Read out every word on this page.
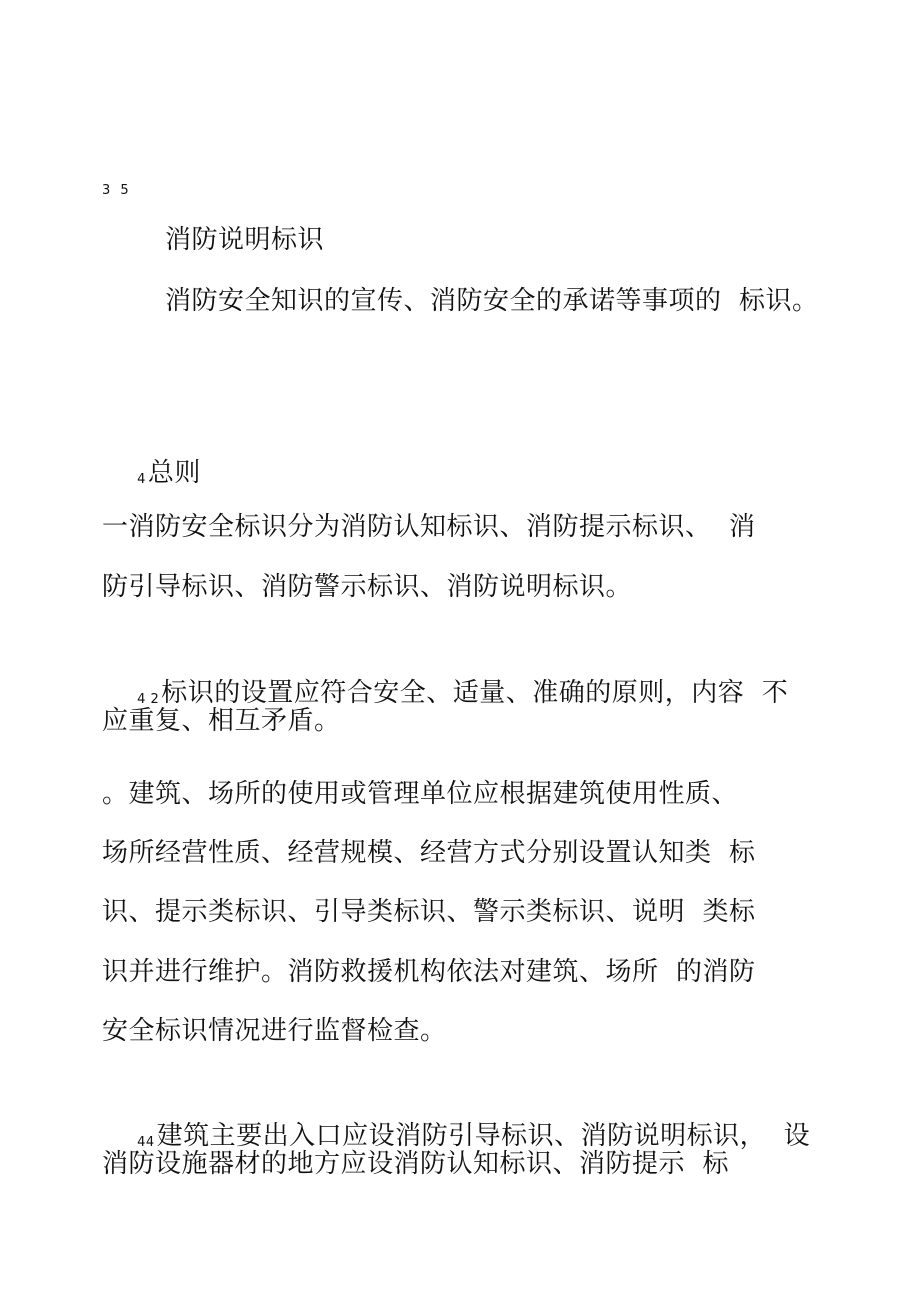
3 5
消防说明标识
消防安全知识的宣传、消防安全的承诺等事项的  标识。

4总则

一消防安全标识分为消防认知标识、消防提示标识、  消
防引导标识、消防警示标识、消防说明标识。

4 2标识的设置应符合安全、适量、准确的原则，内容  不

应重复、相互矛盾。
。建筑、场所的使用或管理单位应根据建筑使用性质、
场所经营性质、经营规模、经营方式分别设置认知类  标
识、提示类标识、引导类标识、警示类标识、说明  类标
识并进行维护。消防救援机构依法对建筑、场所  的消防
安全标识情况进行监督检查。

44建筑主要出入口应设消防引导标识、消防说明标识，  设

消防设施器材的地方应设消防认知标识、消防提示  标
